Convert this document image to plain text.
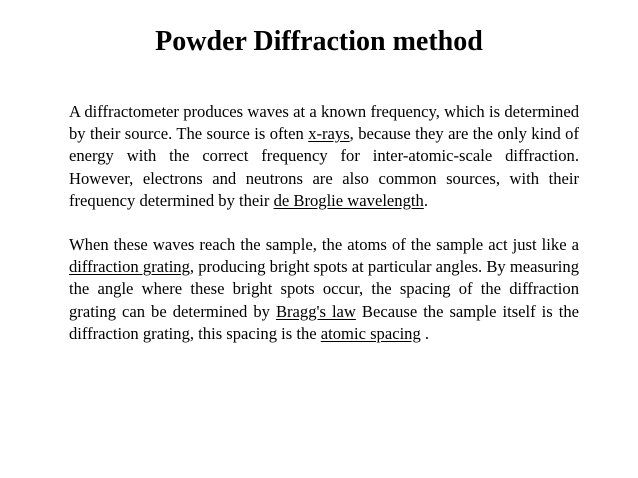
Powder Diffraction method

A diffractometer produces waves at a known frequency, which is determined by their source. The source is often x-rays, because they are the only kind of energy with the correct frequency for inter-atomic-scale diffraction. However, electrons and neutrons are also common sources, with their frequency determined by their de Broglie wavelength.

When these waves reach the sample, the atoms of the sample act just like a diffraction grating, producing bright spots at particular angles. By measuring the angle where these bright spots occur, the spacing of the diffraction grating can be determined by Bragg's law Because the sample itself is the diffraction grating, this spacing is the atomic spacing .
